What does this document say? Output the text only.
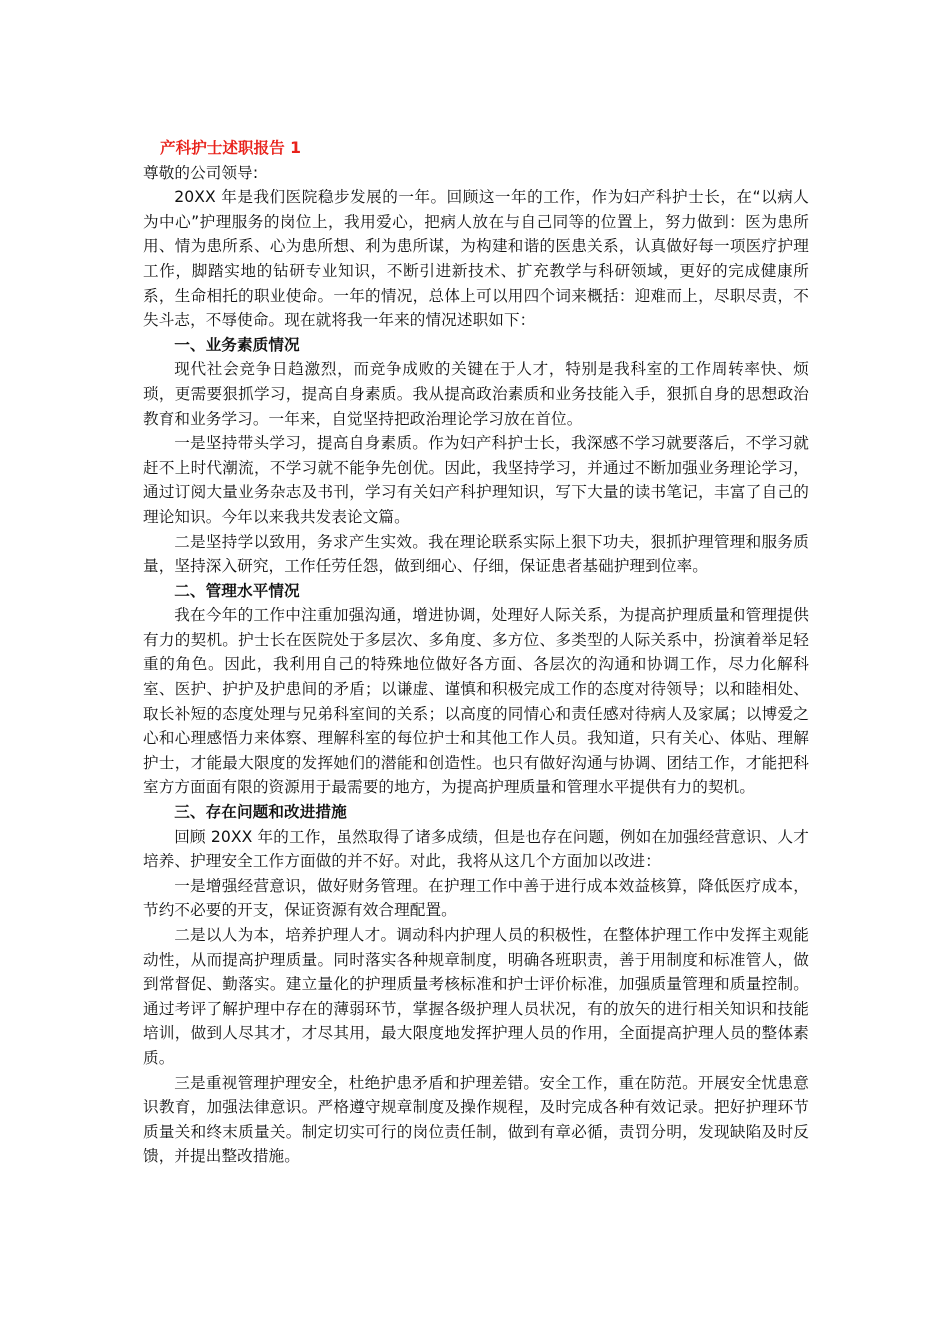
产科护士述职报告 1

尊敬的公司领导:

20XX 年是我们医院稳步发展的一年。回顾这一年的工作，作为妇产科护士长，在“以病人为中心”护理服务的岗位上，我用爱心，把病人放在与自己同等的位置上，努力做到：医为患所用、情为患所系、心为患所想、利为患所谋，为构建和谐的医患关系，认真做好每一项医疗护理工作，脚踏实地的钻研专业知识，不断引进新技术、扩充教学与科研领域，更好的完成健康所系，生命相托的职业使命。一年的情况，总体上可以用四个词来概括：迎难而上，尽职尽责，不失斗志，不辱使命。现在就将我一年来的情况述职如下：

一、业务素质情况

现代社会竞争日趋激烈，而竞争成败的关键在于人才，特别是我科室的工作周转率快、烦琐，更需要狠抓学习，提高自身素质。我从提高政治素质和业务技能入手，狠抓自身的思想政治教育和业务学习。一年来，自觉坚持把政治理论学习放在首位。

一是坚持带头学习，提高自身素质。作为妇产科护士长，我深感不学习就要落后，不学习就赶不上时代潮流，不学习就不能争先创优。因此，我坚持学习，并通过不断加强业务理论学习，通过订阅大量业务杂志及书刊，学习有关妇产科护理知识，写下大量的读书笔记，丰富了自己的理论知识。今年以来我共发表论文篇。

二是坚持学以致用，务求产生实效。我在理论联系实际上狠下功夫，狠抓护理管理和服务质量，坚持深入研究，工作任劳任怨，做到细心、仔细，保证患者基础护理到位率。

二、管理水平情况

我在今年的工作中注重加强沟通，增进协调，处理好人际关系，为提高护理质量和管理提供有力的契机。护士长在医院处于多层次、多角度、多方位、多类型的人际关系中，扮演着举足轻重的角色。因此，我利用自己的特殊地位做好各方面、各层次的沟通和协调工作，尽力化解科室、医护、护护及护患间的矛盾；以谦虚、谨慎和积极完成工作的态度对待领导；以和睦相处、取长补短的态度处理与兄弟科室间的关系；以高度的同情心和责任感对待病人及家属；以博爱之心和心理感悟力来体察、理解科室的每位护士和其他工作人员。我知道，只有关心、体贴、理解护士，才能最大限度的发挥她们的潜能和创造性。也只有做好沟通与协调、团结工作，才能把科室方方面面有限的资源用于最需要的地方，为提高护理质量和管理水平提供有力的契机。

三、存在问题和改进措施

回顾 20XX 年的工作，虽然取得了诸多成绩，但是也存在问题，例如在加强经营意识、人才培养、护理安全工作方面做的并不好。对此，我将从这几个方面加以改进：

一是增强经营意识，做好财务管理。在护理工作中善于进行成本效益核算，降低医疗成本，节约不必要的开支，保证资源有效合理配置。

二是以人为本，培养护理人才。调动科内护理人员的积极性，在整体护理工作中发挥主观能动性，从而提高护理质量。同时落实各种规章制度，明确各班职责，善于用制度和标准管人，做到常督促、勤落实。建立量化的护理质量考核标准和护士评价标准，加强质量管理和质量控制。通过考评了解护理中存在的薄弱环节，掌握各级护理人员状况，有的放矢的进行相关知识和技能培训，做到人尽其才，才尽其用，最大限度地发挥护理人员的作用，全面提高护理人员的整体素质。

三是重视管理护理安全，杜绝护患矛盾和护理差错。安全工作，重在防范。开展安全忧患意识教育，加强法律意识。严格遵守规章制度及操作规程，及时完成各种有效记录。把好护理环节质量关和终末质量关。制定切实可行的岗位责任制，做到有章必循，责罚分明，发现缺陷及时反馈，并提出整改措施。
